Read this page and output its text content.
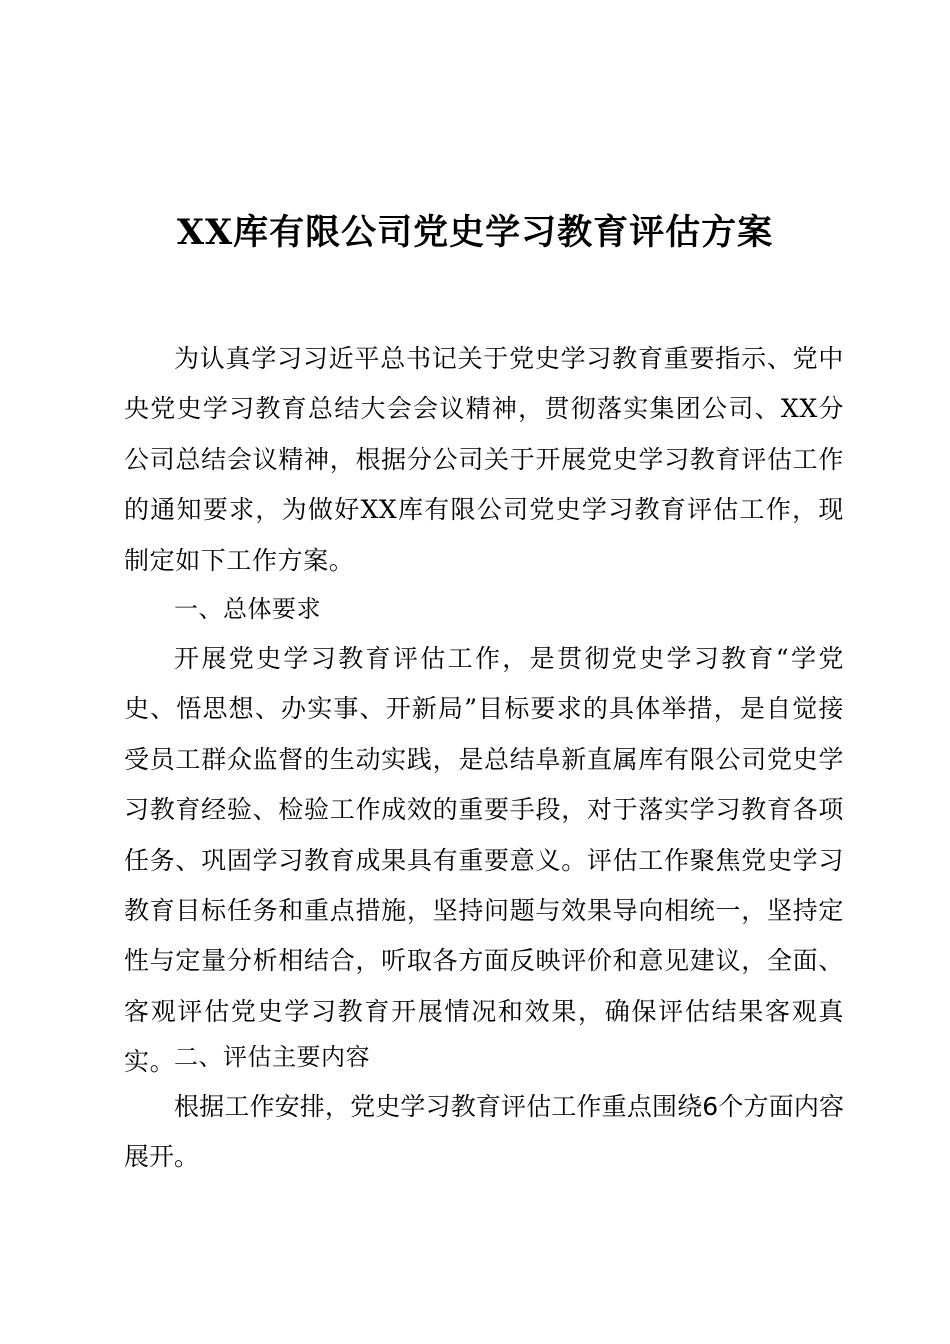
XX库有限公司党史学习教育评估方案

为认真学习习近平总书记关于党史学习教育重要指示、党中央党史学习教育总结大会会议精神，贯彻落实集团公司、XX分公司总结会议精神，根据分公司关于开展党史学习教育评估工作的通知要求，为做好XX库有限公司党史学习教育评估工作，现制定如下工作方案。

一、总体要求

开展党史学习教育评估工作，是贯彻党史学习教育“学党史、悟思想、办实事、开新局”目标要求的具体举措，是自觉接受员工群众监督的生动实践，是总结阜新直属库有限公司党史学习教育经验、检验工作成效的重要手段，对于落实学习教育各项任务、巩固学习教育成果具有重要意义。评估工作聚焦党史学习教育目标任务和重点措施，坚持问题与效果导向相统一，坚持定性与定量分析相结合，听取各方面反映评价和意见建议，全面、客观评估党史学习教育开展情况和效果，确保评估结果客观真实。

二、评估主要内容

根据工作安排，党史学习教育评估工作重点围绕6个方面内容展开。
